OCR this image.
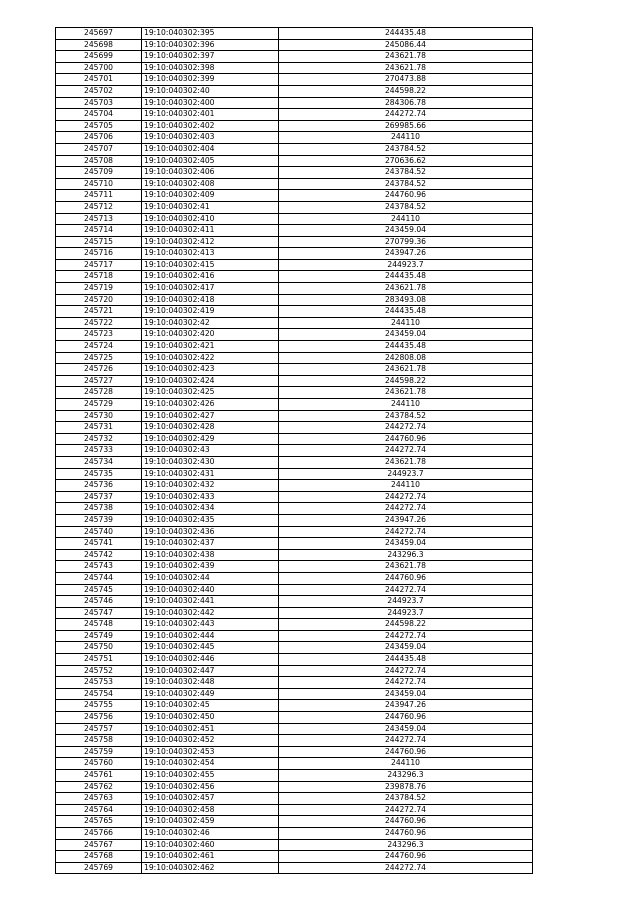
245697	19:10:040302:395	244435.48
245698	19:10:040302:396	245086.44
245699	19:10:040302:397	243621.78
245700	19:10:040302:398	243621.78
245701	19:10:040302:399	270473.88
245702	19:10:040302:40	244598.22
245703	19:10:040302:400	284306.78
245704	19:10:040302:401	244272.74
245705	19:10:040302:402	269985.66
245706	19:10:040302:403	244110
245707	19:10:040302:404	243784.52
245708	19:10:040302:405	270636.62
245709	19:10:040302:406	243784.52
245710	19:10:040302:408	243784.52
245711	19:10:040302:409	244760.96
245712	19:10:040302:41	243784.52
245713	19:10:040302:410	244110
245714	19:10:040302:411	243459.04
245715	19:10:040302:412	270799.36
245716	19:10:040302:413	243947.26
245717	19:10:040302:415	244923.7
245718	19:10:040302:416	244435.48
245719	19:10:040302:417	243621.78
245720	19:10:040302:418	283493.08
245721	19:10:040302:419	244435.48
245722	19:10:040302:42	244110
245723	19:10:040302:420	243459.04
245724	19:10:040302:421	244435.48
245725	19:10:040302:422	242808.08
245726	19:10:040302:423	243621.78
245727	19:10:040302:424	244598.22
245728	19:10:040302:425	243621.78
245729	19:10:040302:426	244110
245730	19:10:040302:427	243784.52
245731	19:10:040302:428	244272.74
245732	19:10:040302:429	244760.96
245733	19:10:040302:43	244272.74
245734	19:10:040302:430	243621.78
245735	19:10:040302:431	244923.7
245736	19:10:040302:432	244110
245737	19:10:040302:433	244272.74
245738	19:10:040302:434	244272.74
245739	19:10:040302:435	243947.26
245740	19:10:040302:436	244272.74
245741	19:10:040302:437	243459.04
245742	19:10:040302:438	243296.3
245743	19:10:040302:439	243621.78
245744	19:10:040302:44	244760.96
245745	19:10:040302:440	244272.74
245746	19:10:040302:441	244923.7
245747	19:10:040302:442	244923.7
245748	19:10:040302:443	244598.22
245749	19:10:040302:444	244272.74
245750	19:10:040302:445	243459.04
245751	19:10:040302:446	244435.48
245752	19:10:040302:447	244272.74
245753	19:10:040302:448	244272.74
245754	19:10:040302:449	243459.04
245755	19:10:040302:45	243947.26
245756	19:10:040302:450	244760.96
245757	19:10:040302:451	243459.04
245758	19:10:040302:452	244272.74
245759	19:10:040302:453	244760.96
245760	19:10:040302:454	244110
245761	19:10:040302:455	243296.3
245762	19:10:040302:456	239878.76
245763	19:10:040302:457	243784.52
245764	19:10:040302:458	244272.74
245765	19:10:040302:459	244760.96
245766	19:10:040302:46	244760.96
245767	19:10:040302:460	243296.3
245768	19:10:040302:461	244760.96
245769	19:10:040302:462	244272.74
